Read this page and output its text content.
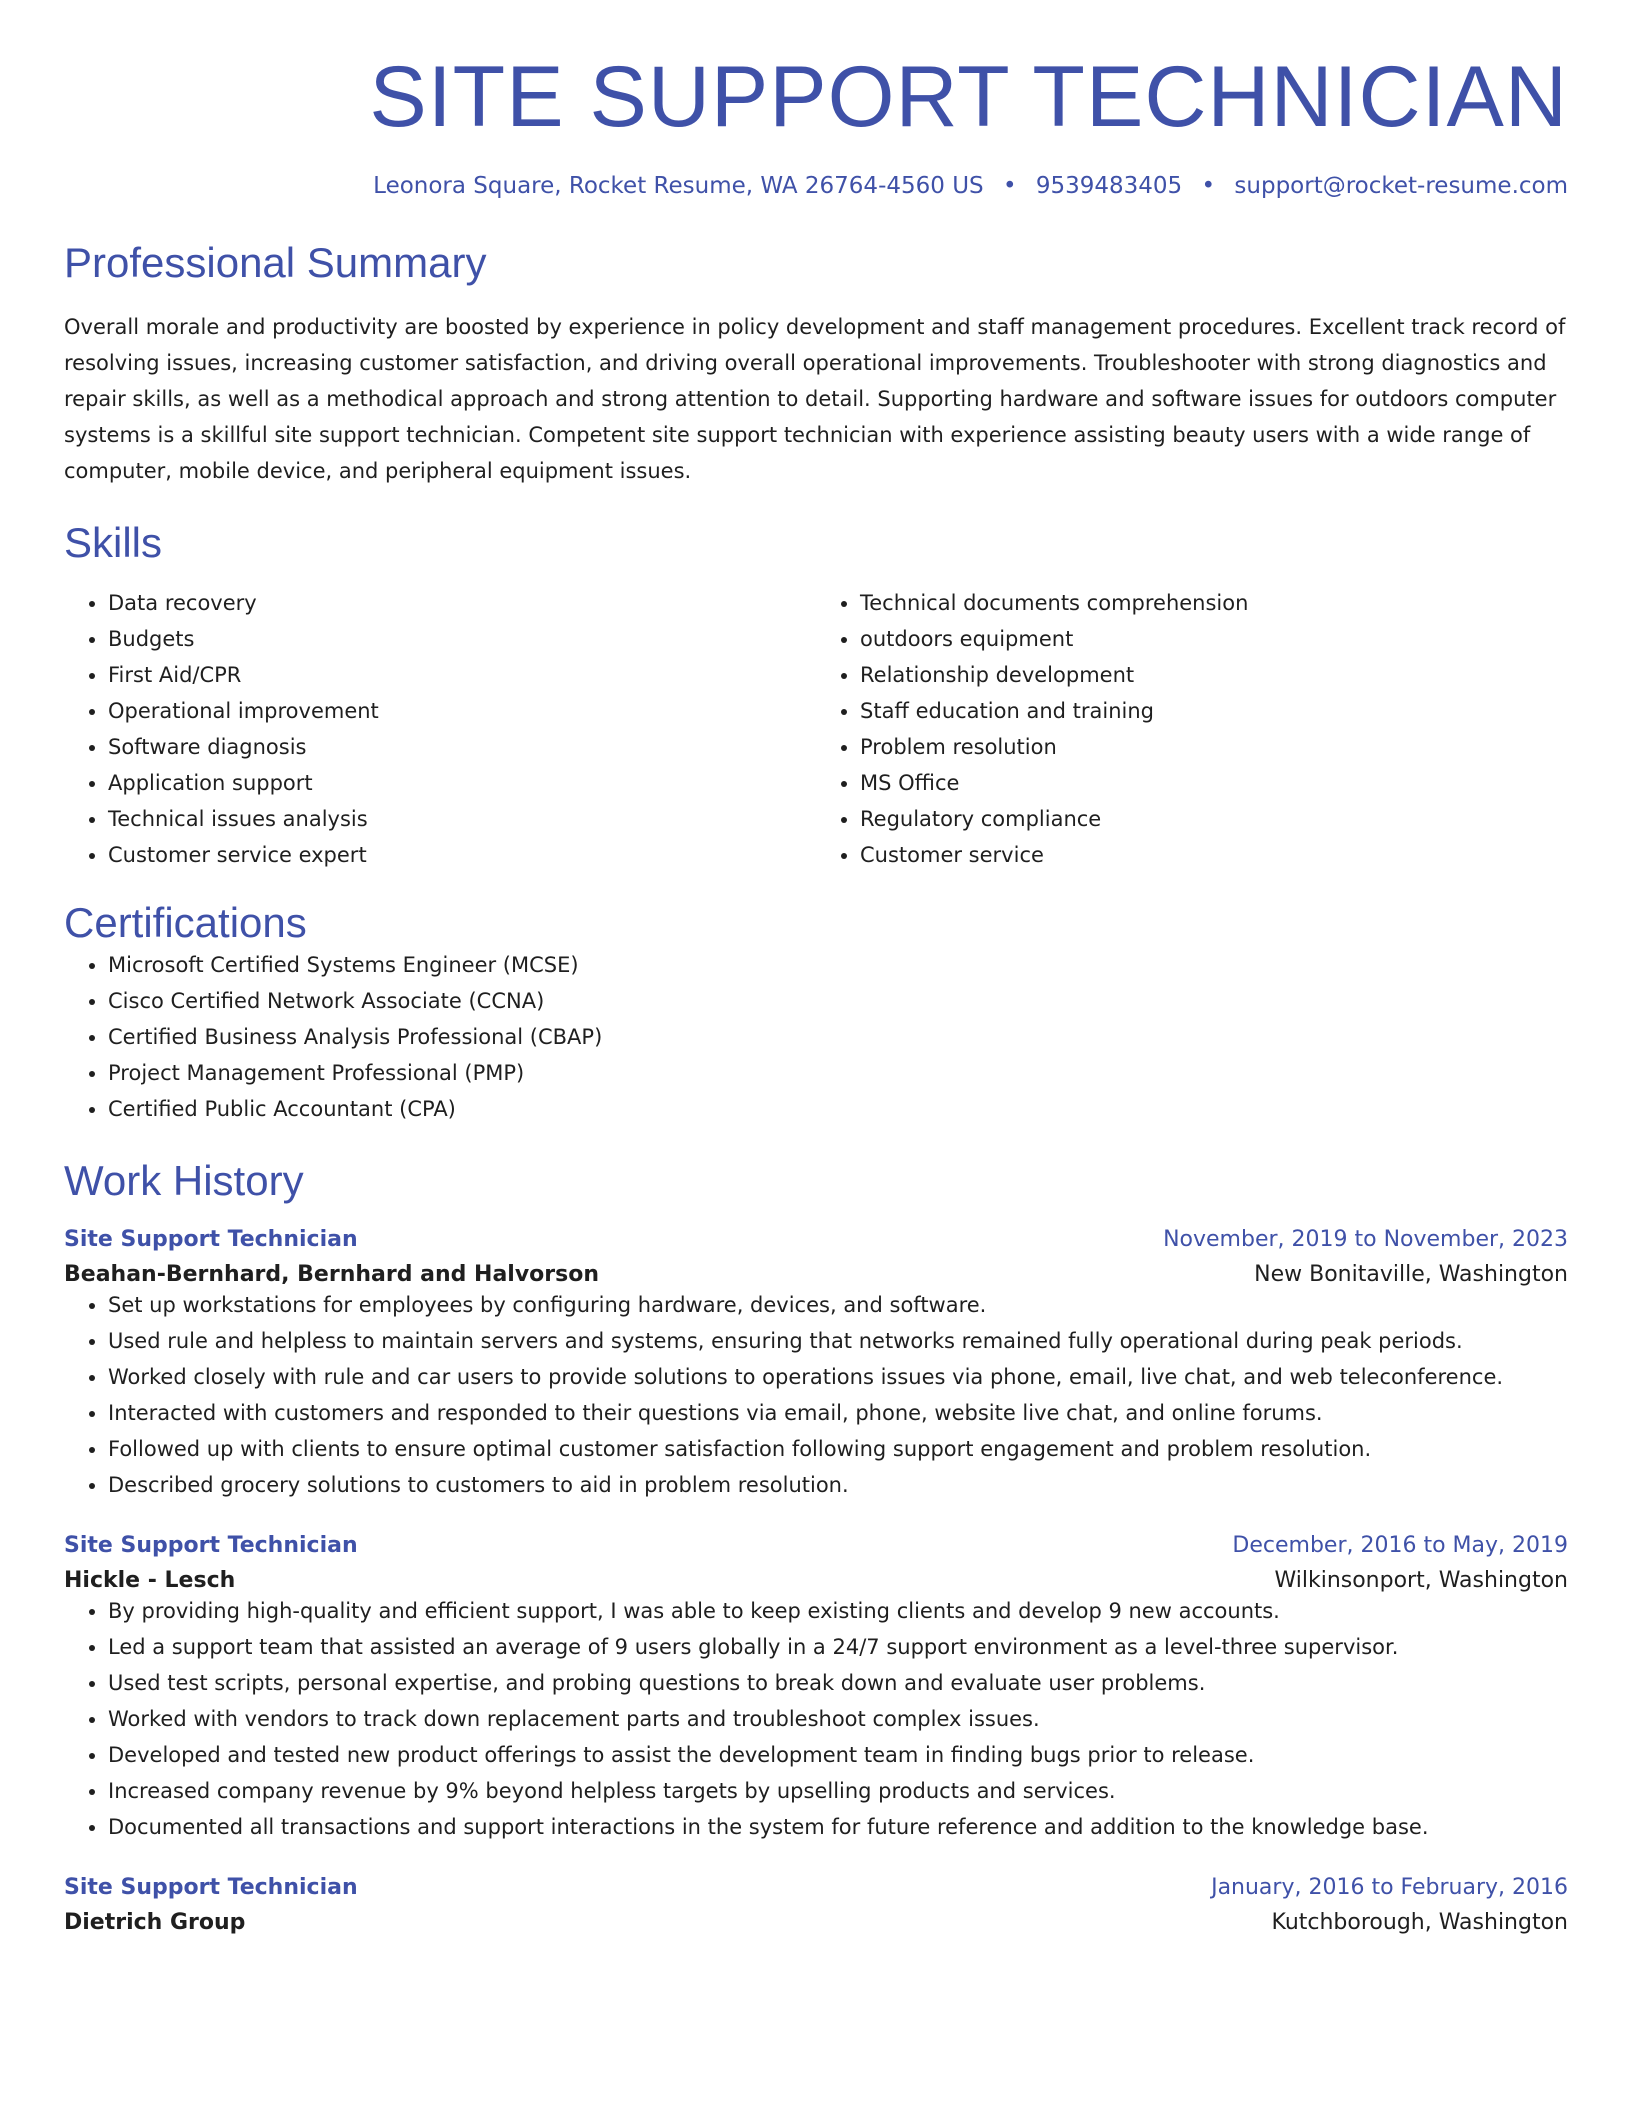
SITE SUPPORT TECHNICIAN
Leonora Square, Rocket Resume, WA 26764-4560 US • 9539483405 • support@rocket-resume.com
Professional Summary

Overall morale and productivity are boosted by experience in policy development and staff management procedures. Excellent track record of resolving issues, increasing customer satisfaction, and driving overall operational improvements. Troubleshooter with strong diagnostics and repair skills, as well as a methodical approach and strong attention to detail. Supporting hardware and software issues for outdoors computer systems is a skillful site support technician. Competent site support technician with experience assisting beauty users with a wide range of computer, mobile device, and peripheral equipment issues.

Skills
• Data recovery
• Budgets
• First Aid/CPR
• Operational improvement
• Software diagnosis
• Application support
• Technical issues analysis
• Customer service expert
• Technical documents comprehension
• outdoors equipment
• Relationship development
• Staff education and training
• Problem resolution
• MS Office
• Regulatory compliance
• Customer service
Certifications
• Microsoft Certified Systems Engineer (MCSE)
• Cisco Certified Network Associate (CCNA)
• Certified Business Analysis Professional (CBAP)
• Project Management Professional (PMP)
• Certified Public Accountant (CPA)
Work History
Site Support Technician	November, 2019 to November, 2023
Beahan-Bernhard, Bernhard and Halvorson	New Bonitaville, Washington
• Set up workstations for employees by configuring hardware, devices, and software.
• Used rule and helpless to maintain servers and systems, ensuring that networks remained fully operational during peak periods.
• Worked closely with rule and car users to provide solutions to operations issues via phone, email, live chat, and web teleconference.
• Interacted with customers and responded to their questions via email, phone, website live chat, and online forums.
• Followed up with clients to ensure optimal customer satisfaction following support engagement and problem resolution.
• Described grocery solutions to customers to aid in problem resolution.
Site Support Technician	December, 2016 to May, 2019
Hickle - Lesch	Wilkinsonport, Washington
• By providing high-quality and efficient support, I was able to keep existing clients and develop 9 new accounts.
• Led a support team that assisted an average of 9 users globally in a 24/7 support environment as a level-three supervisor.
• Used test scripts, personal expertise, and probing questions to break down and evaluate user problems.
• Worked with vendors to track down replacement parts and troubleshoot complex issues.
• Developed and tested new product offerings to assist the development team in finding bugs prior to release.
• Increased company revenue by 9% beyond helpless targets by upselling products and services.
• Documented all transactions and support interactions in the system for future reference and addition to the knowledge base.
Site Support Technician	January, 2016 to February, 2016
Dietrich Group	Kutchborough, Washington
